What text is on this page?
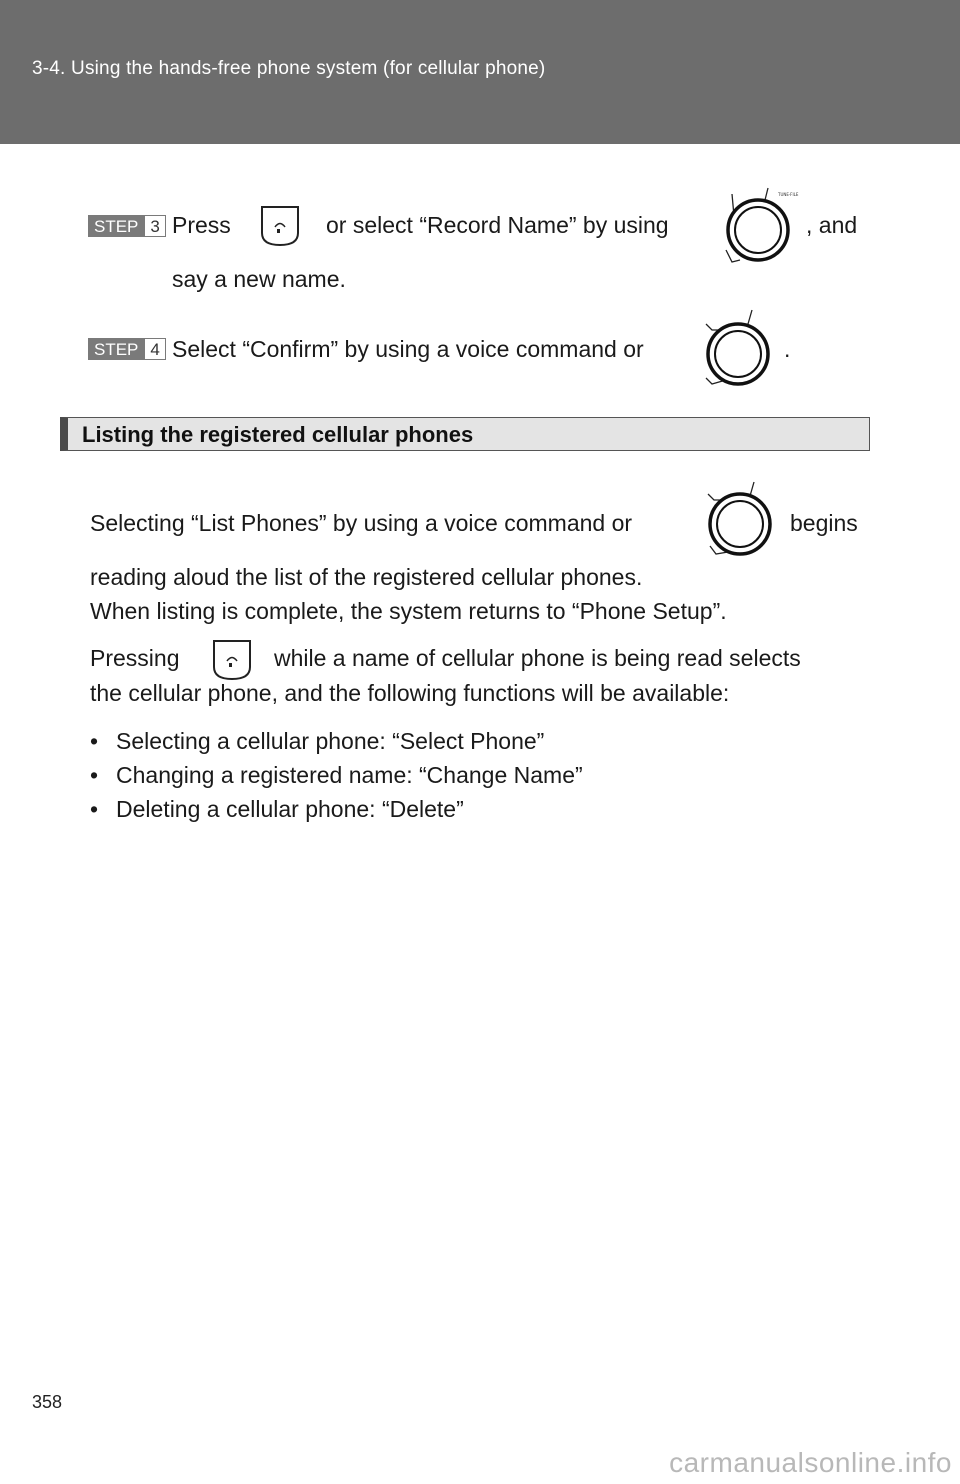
3-4. Using the hands-free phone system (for cellular phone)
STEP 3 Press	or select “Record Name” by using
TUNE·FILE
, and
say a new name.
STEP 4 Select “Confirm” by using a voice command or	.
Listing the registered cellular phones
Selecting “List Phones” by using a voice command or	begins
reading aloud the list of the registered cellular phones.
When listing is complete, the system returns to “Phone Setup”.
Pressing	while a name of cellular phone is being read selects
the cellular phone, and the following functions will be available:
• Selecting a cellular phone: “Select Phone”
• Changing a registered name: “Change Name”
• Deleting a cellular phone: “Delete”
358
carmanualsonline.info
